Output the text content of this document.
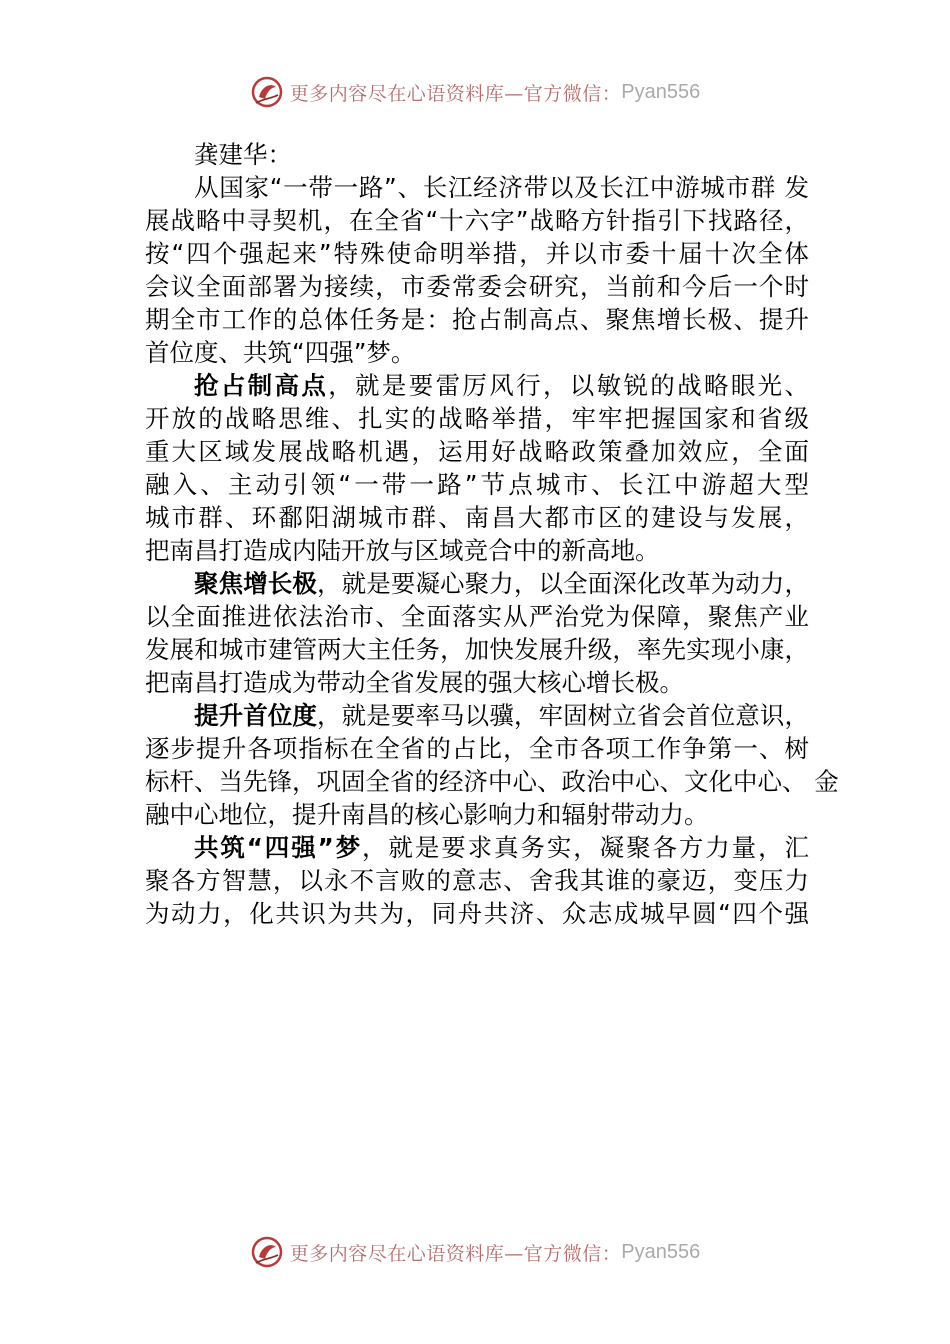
更多内容尽在心语资料库—官方微信： Pyan556
龚建华：
从国家“一带一路”、长江经济带以及长江中游城市群 发
展战略中寻契机，在全省“十六字”战略方针指引下找路径，
按“四个强起来”特殊使命明举措，并以市委十届十次全体
会议全面部署为接续，市委常委会研究，当前和今后一个时
期全市工作的总体任务是：抢占制高点、聚焦增长极、提升
首位度、共筑“四强”梦。
抢占制高点，就是要雷厉风行，以敏锐的战略眼光、
开放的战略思维、扎实的战略举措，牢牢把握国家和省级
重大区域发展战略机遇，运用好战略政策叠加效应，全面
融入、主动引领“一带一路”节点城市、长江中游超大型
城市群、环鄱阳湖城市群、南昌大都市区的建设与发展，
把南昌打造成内陆开放与区域竞合中的新高地。
聚焦增长极，就是要凝心聚力，以全面深化改革为动力，
以全面推进依法治市、全面落实从严治党为保障，聚焦产业
发展和城市建管两大主任务，加快发展升级，率先实现小康，
把南昌打造成为带动全省发展的强大核心增长极。
提升首位度，就是要率马以骥，牢固树立省会首位意识，
逐步提升各项指标在全省的占比，全市各项工作争第一、树
标杆、当先锋，巩固全省的经济中心、政治中心、文化中心、 金
融中心地位，提升南昌的核心影响力和辐射带动力。
共筑“四强”梦，就是要求真务实，凝聚各方力量，汇
聚各方智慧，以永不言败的意志、舍我其谁的豪迈，变压力
为动力，化共识为共为，同舟共济、众志成城早圆“四个强
更多内容尽在心语资料库—官方微信： Pyan556
